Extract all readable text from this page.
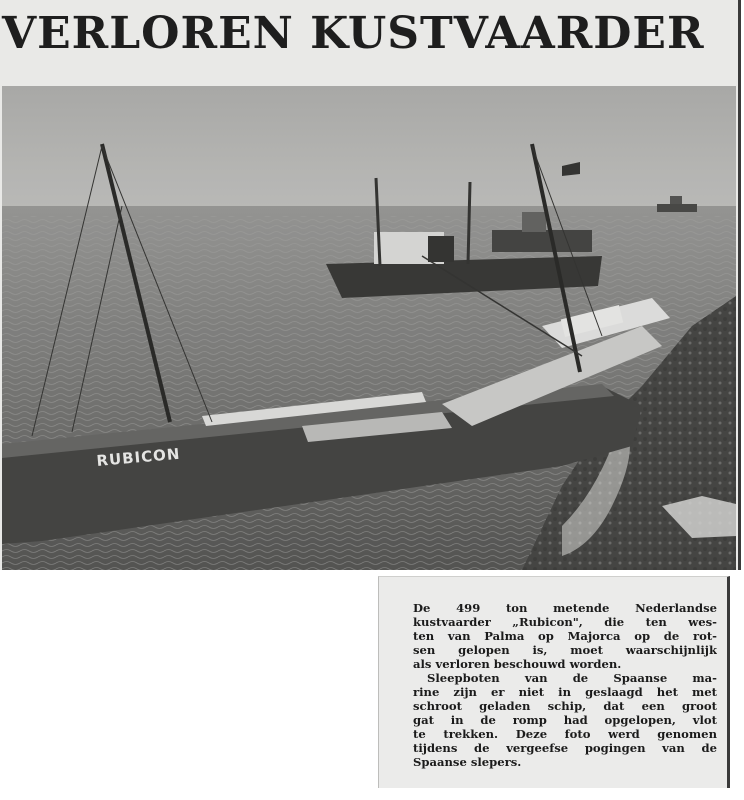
VERLOREN KUSTVAARDER
RUBICON

De 499 ton metende Nederlandse
kustvaarder „Rubicon", die ten wes-
ten van Palma op Majorca op de rot-
sen gelopen is, moet waarschijnlijk
als verloren beschouwd worden.

Sleepboten van de Spaanse ma-
rine zijn er niet in geslaagd het met
schroot geladen schip, dat een groot
gat in de romp had opgelopen, vlot
te trekken. Deze foto werd genomen
tijdens de vergeefse pogingen van de
Spaanse slepers.
